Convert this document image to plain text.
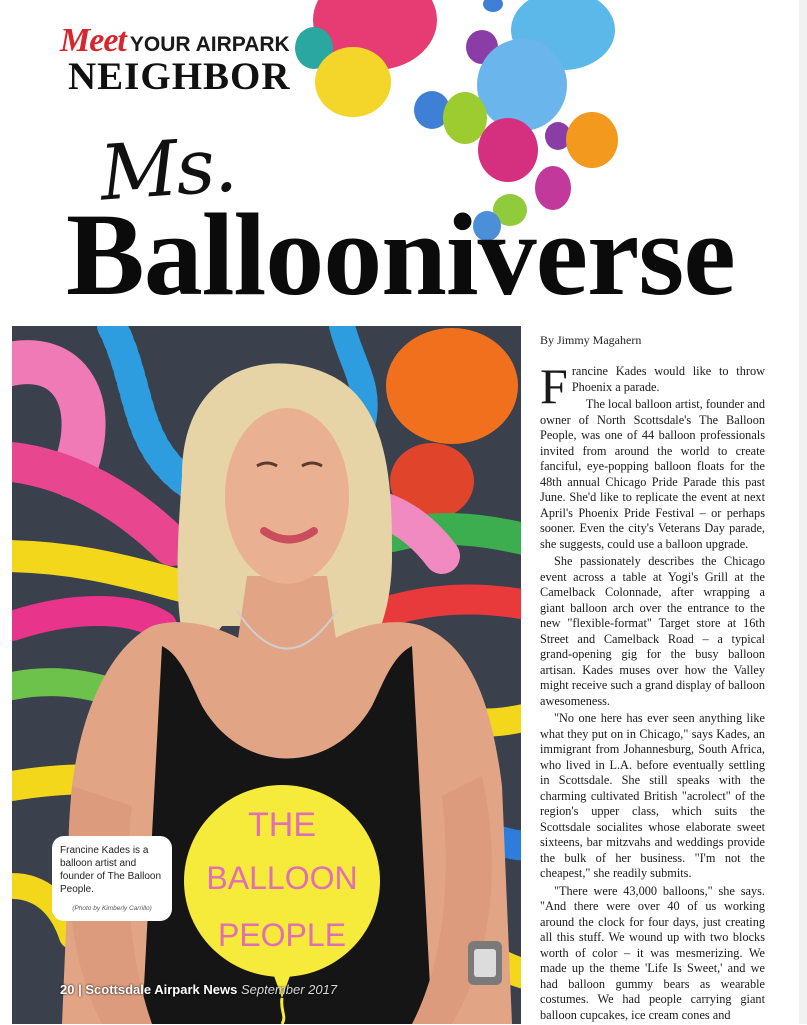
Meet YOUR AIRPARK
NEIGHBOR
Ms.
Ballooniverse
THE
BALLOON
PEOPLE
Francine Kades is a balloon artist and founder of The Balloon People.
(Photo by Kimberly Carrillo)
By Jimmy Magahern

Francine Kades would like to throw Phoenix a parade.

The local balloon artist, founder and owner of North Scottsdale's The Balloon People, was one of 44 balloon professionals invited from around the world to create fanciful, eye-popping balloon floats for the 48th annual Chicago Pride Parade this past June. She'd like to replicate the event at next April's Phoenix Pride Festival – or perhaps sooner. Even the city's Veterans Day parade, she suggests, could use a balloon upgrade.

She passionately describes the Chicago event across a table at Yogi's Grill at the Camelback Colonnade, after wrapping a giant balloon arch over the entrance to the new "flexible-format" Target store at 16th Street and Camelback Road – a typical grand-opening gig for the busy balloon artisan. Kades muses over how the Valley might receive such a grand display of balloon awesomeness.

"No one here has ever seen anything like what they put on in Chicago," says Kades, an immigrant from Johannesburg, South Africa, who lived in L.A. before eventually settling in Scottsdale. She still speaks with the charming cultivated British "acrolect" of the region's upper class, which suits the Scottsdale socialites whose elaborate sweet sixteens, bar mitzvahs and weddings provide the bulk of her business. "I'm not the cheapest," she readily submits.

"There were 43,000 balloons," she says. "And there were over 40 of us working around the clock for four days, just creating all this stuff. We wound up with two blocks worth of color – it was mesmerizing. We made up the theme 'Life Is Sweet,' and we had balloon gummy bears as wearable costumes. We had people carrying giant balloon cupcakes, ice cream cones and

20 | Scottsdale Airpark News September 2017
